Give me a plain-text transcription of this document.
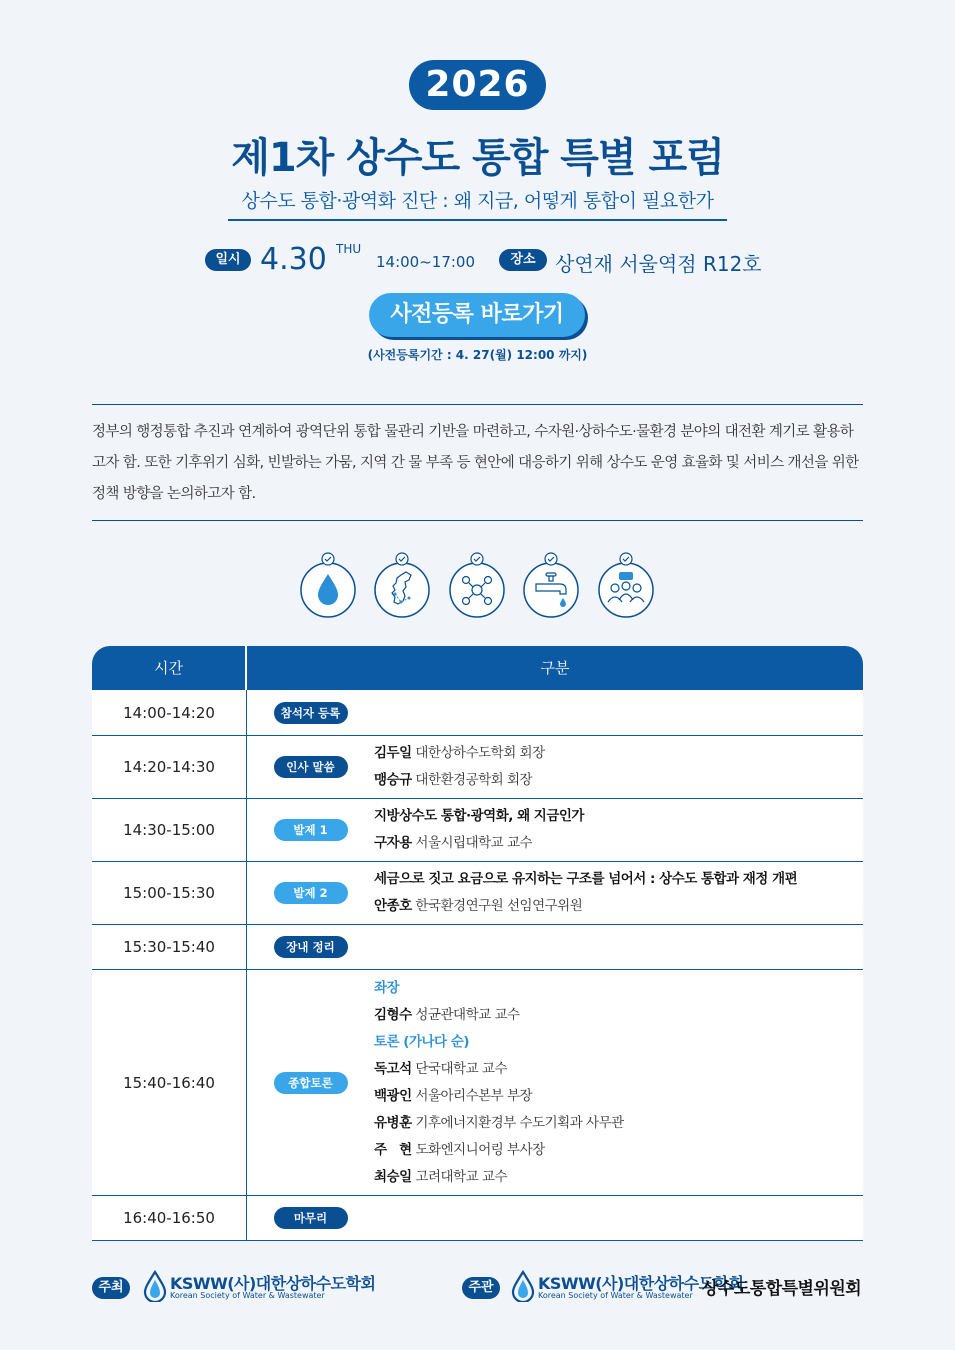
2026
제1차 상수도 통합 특별 포럼
상수도 통합·광역화 진단 : 왜 지금, 어떻게 통합이 필요한가
일시 4.30 THU
14:00~17:00	장소 상연재 서울역점 R12호
사전등록 바로가기
(사전등록기간 : 4. 27(월) 12:00 까지)

정부의 행정통합 추진과 연계하여 광역단위 통합 물관리 기반을 마련하고, 수자원·상하수도·물환경 분야의 대전환 계기로 활용하고자 함. 또한 기후위기 심화, 빈발하는 가뭄, 지역 간 물 부족 등 현안에 대응하기 위해 상수도 운영 효율화 및 서비스 개선을 위한 정책 방향을 논의하고자 함.

시간	구분
14:00-14:20	참석자 등록
14:20-14:30	인사 말씀
김두일 대한상하수도학회 회장
맹승규 대한환경공학회 회장
14:30-15:00	발제 1
지방상수도 통합·광역화, 왜 지금인가
구자용 서울시립대학교 교수
15:00-15:30	발제 2
세금으로 짓고 요금으로 유지하는 구조를 넘어서 : 상수도 통합과 재정 개편
안종호 한국환경연구원 선임연구위원
15:30-15:40	장내 정리
15:40-16:40	종합토론
좌장
김형수 성균관대학교 교수
토론 (가나다 순)
독고석 단국대학교 교수
백광인 서울아리수본부 부장
유병훈 기후에너지환경부 수도기획과 사무관
주   현 도화엔지니어링 부사장
최승일 고려대학교 교수
16:40-16:50	마무리
주최	KSWW(사)대한상하수도학회
Korean Society of Water & Wastewater
주관	KSWW(사)대한상하수도학회
Korean Society of Water & Wastewater 상수도통합특별위원회
